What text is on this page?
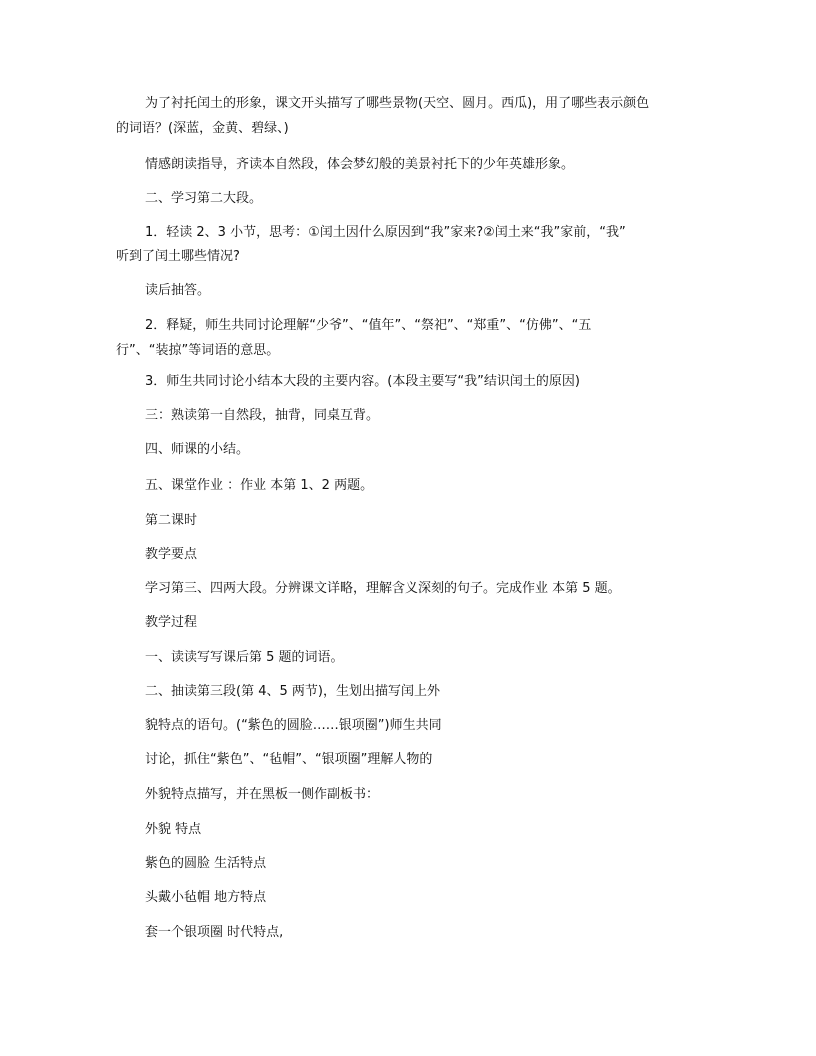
为了衬托闰土的形象，课文开头描写了哪些景物(天空、圆月。西瓜)，用了哪些表示颜色
的词语？(深蓝，金黄、碧绿、)
情感朗读指导，齐读本自然段，体会梦幻般的美景衬托下的少年英雄形象。
二、学习第二大段。
1．轻读 2、3 小节，思考：①闰土因什么原因到“我”家来?②闰土来“我”家前，“我”
听到了闰土哪些情况?
读后抽答。
2．释疑，师生共同讨论理解“少爷”、“值年”、“祭祀”、“郑重”、“仿佛”、“五
行”、“装掠”等词语的意思。
3．师生共同讨论小结本大段的主要内容。(本段主要写“我”结识闰土的原因)
三：熟读第一自然段，抽背，同桌互背。
四、师课的小结。
五、课堂作业 ：作业 本第 1、2 两题。
第二课时
教学要点
学习第三、四两大段。分辨课文详略，理解含义深刻的句子。完成作业 本第 5 题。
教学过程
一、读读写写课后第 5 题的词语。
二、抽读第三段(第 4、5 两节)，生划出描写闰上外
貌特点的语句。(“紫色的圆脸……银项圈”)师生共同
讨论，抓住“紫色”、“毡帽”、“银项圈”理解人物的
外貌特点描写，并在黑板一侧作副板书：
外貌 特点
紫色的圆脸 生活特点
头戴小毡帽 地方特点
套一个银项圈 时代特点,
